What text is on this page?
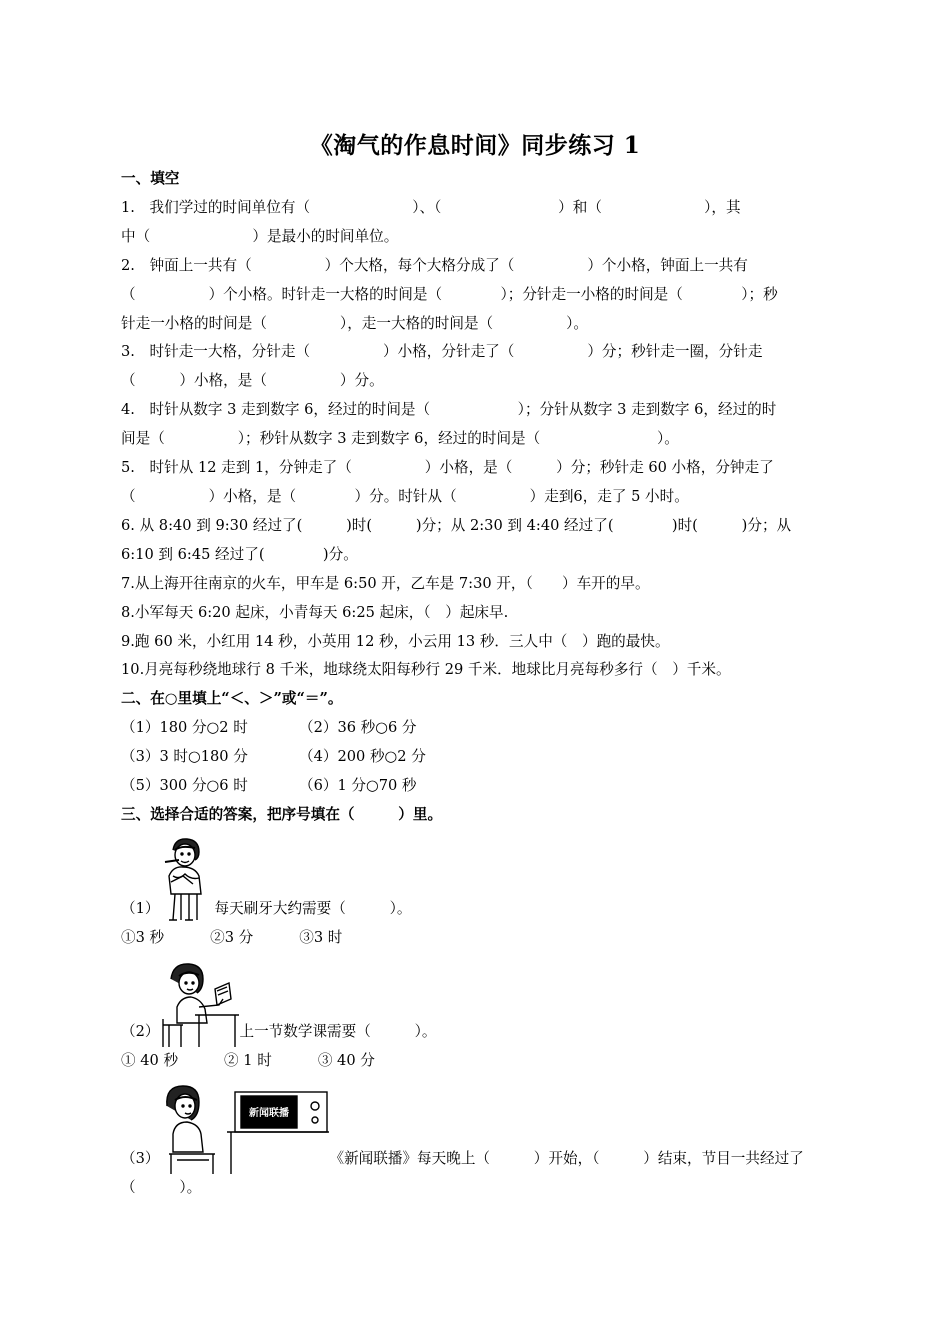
《淘气的作息时间》同步练习 1
一、填空
1.　我们学过的时间单位有（　　　　　　　）、（　　　　　　　　）和（　　　　　　　），其
中（　　　　　　　）是最小的时间单位。
2.　钟面上一共有（　　　　　）个大格，每个大格分成了（　　　　　）个小格，钟面上一共有
（　　　　　）个小格。时针走一大格的时间是（　　　　）；分针走一小格的时间是（　　　　）；秒
针走一小格的时间是（　　　　　），走一大格的时间是（　　　　　）。
3.　时针走一大格，分针走（　　　　　）小格，分针走了（　　　　　）分；秒针走一圈，分针走
（　　　）小格，是（　　　　　）分。
4.　时针从数字 3 走到数字 6，经过的时间是（　　　　　　）；分针从数字 3 走到数字 6，经过的时
间是（　　　　　）；秒针从数字 3 走到数字 6，经过的时间是（　　　　　　　　）。
5.　时针从 12 走到 1，分钟走了（　　　　　）小格，是（　　　）分；秒针走 60 小格，分钟走了
（　　　　　）小格，是（　　　　）分。时针从（　　　　　）走到6，走了 5 小时。
6. 从 8:40 到 9:30 经过了(　　　)时(　　　)分；从 2:30 到 4:40 经过了(　　　　)时(　　　)分；从
6:10 到 6:45 经过了(　　　　)分。
7.从上海开往南京的火车，甲车是 6:50 开，乙车是 7:30 开，（　　）车开的早。
8.小军每天 6:20 起床，小青每天 6:25 起床，（　）起床早.
9.跑 60 米，小红用 14 秒，小英用 12 秒，小云用 13 秒．三人中（　）跑的最快。
10.月亮每秒绕地球行 8 千米，地球绕太阳每秒行 29 千米．地球比月亮每秒多行（　）千米。
二、在○里填上“＜、＞”或“＝”。
（1）180 分○2 时	（2）36 秒○6 分
（3）3 时○180 分	（4）200 秒○2 分
（5）300 分○6 时	（6）1 分○70 秒
三、选择合适的答案，把序号填在（　　　）里。
（1）	每天刷牙大约需要（　　　）。
①3 秒	②3 分	③3 时
（2）	上一节数学课需要（　　　）。
① 40 秒	② 1 时	③ 40 分
（3）
新闻联播
《新闻联播》每天晚上（　　　）开始，（　　　）结束，节目一共经过了
（　　　）。
